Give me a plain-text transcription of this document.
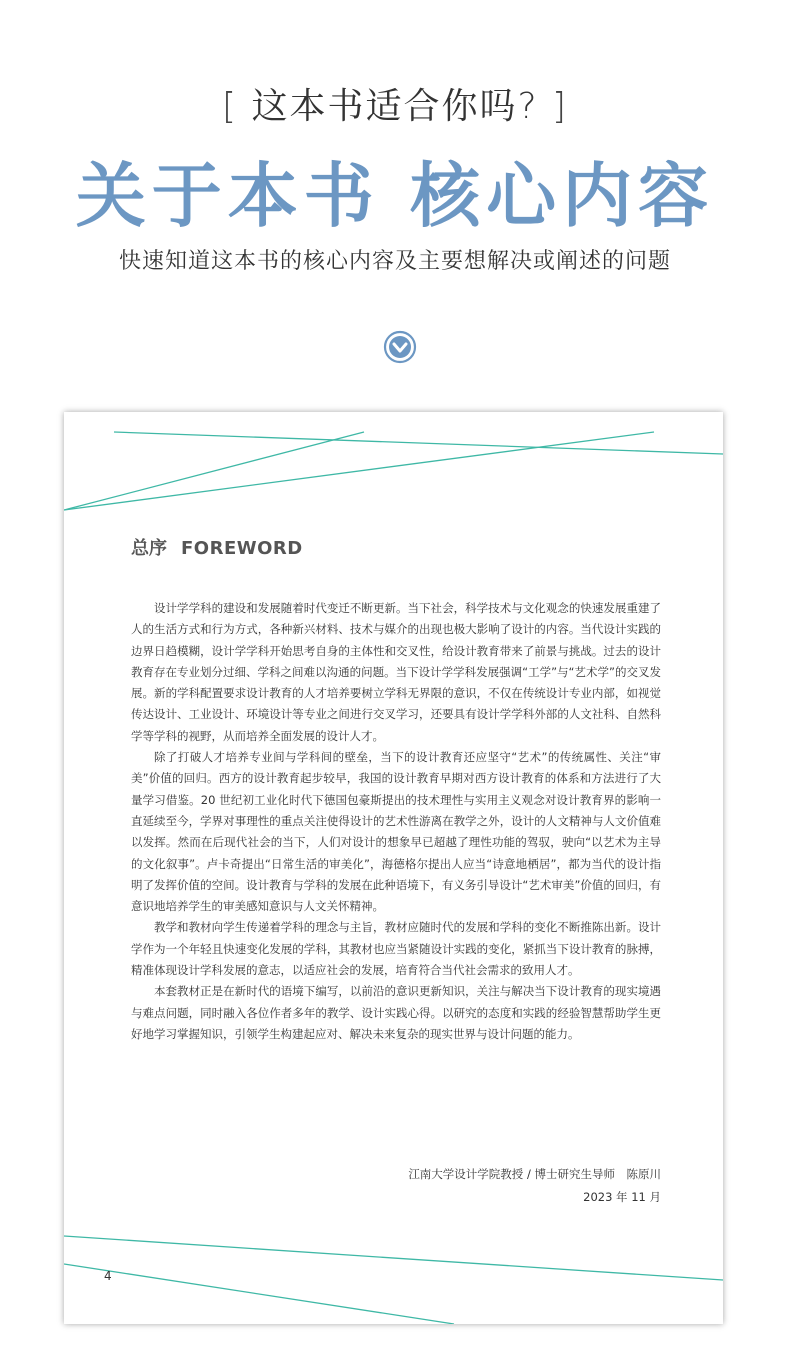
[ 这本书适合你吗? ]
关于本书 核心内容
快速知道这本书的核心内容及主要想解决或阐述的问题
总序 FOREWORD

设计学学科的建设和发展随着时代变迁不断更新。当下社会，科学技术与文化观念的快速发展重建了人的生活方式和行为方式，各种新兴材料、技术与媒介的出现也极大影响了设计的内容。当代设计实践的边界日趋模糊，设计学学科开始思考自身的主体性和交叉性，给设计教育带来了前景与挑战。过去的设计教育存在专业划分过细、学科之间难以沟通的问题。当下设计学学科发展强调“工学”与“艺术学”的交叉发展。新的学科配置要求设计教育的人才培养要树立学科无界限的意识，不仅在传统设计专业内部，如视觉传达设计、工业设计、环境设计等专业之间进行交叉学习，还要具有设计学学科外部的人文社科、自然科学等学科的视野，从而培养全面发展的设计人才。

除了打破人才培养专业间与学科间的壁垒，当下的设计教育还应坚守“艺术”的传统属性、关注“审美”价值的回归。西方的设计教育起步较早，我国的设计教育早期对西方设计教育的体系和方法进行了大量学习借鉴。20 世纪初工业化时代下德国包豪斯提出的技术理性与实用主义观念对设计教育界的影响一直延续至今，学界对事理性的重点关注使得设计的艺术性游离在教学之外，设计的人文精神与人文价值难以发挥。然而在后现代社会的当下，人们对设计的想象早已超越了理性功能的驾驭，驶向“以艺术为主导的文化叙事”。卢卡奇提出“日常生活的审美化”，海德格尔提出人应当“诗意地栖居”，都为当代的设计指明了发挥价值的空间。设计教育与学科的发展在此种语境下，有义务引导设计“艺术审美”价值的回归，有意识地培养学生的审美感知意识与人文关怀精神。

教学和教材向学生传递着学科的理念与主旨，教材应随时代的发展和学科的变化不断推陈出新。设计学作为一个年轻且快速变化发展的学科，其教材也应当紧随设计实践的变化，紧抓当下设计教育的脉搏，精准体现设计学科发展的意志，以适应社会的发展，培育符合当代社会需求的致用人才。

本套教材正是在新时代的语境下编写，以前沿的意识更新知识，关注与解决当下设计教育的现实境遇与难点问题，同时融入各位作者多年的教学、设计实践心得。以研究的态度和实践的经验智慧帮助学生更好地学习掌握知识，引领学生构建起应对、解决未来复杂的现实世界与设计问题的能力。

江南大学设计学院教授 / 博士研究生导师　陈原川
2023 年 11 月
4
